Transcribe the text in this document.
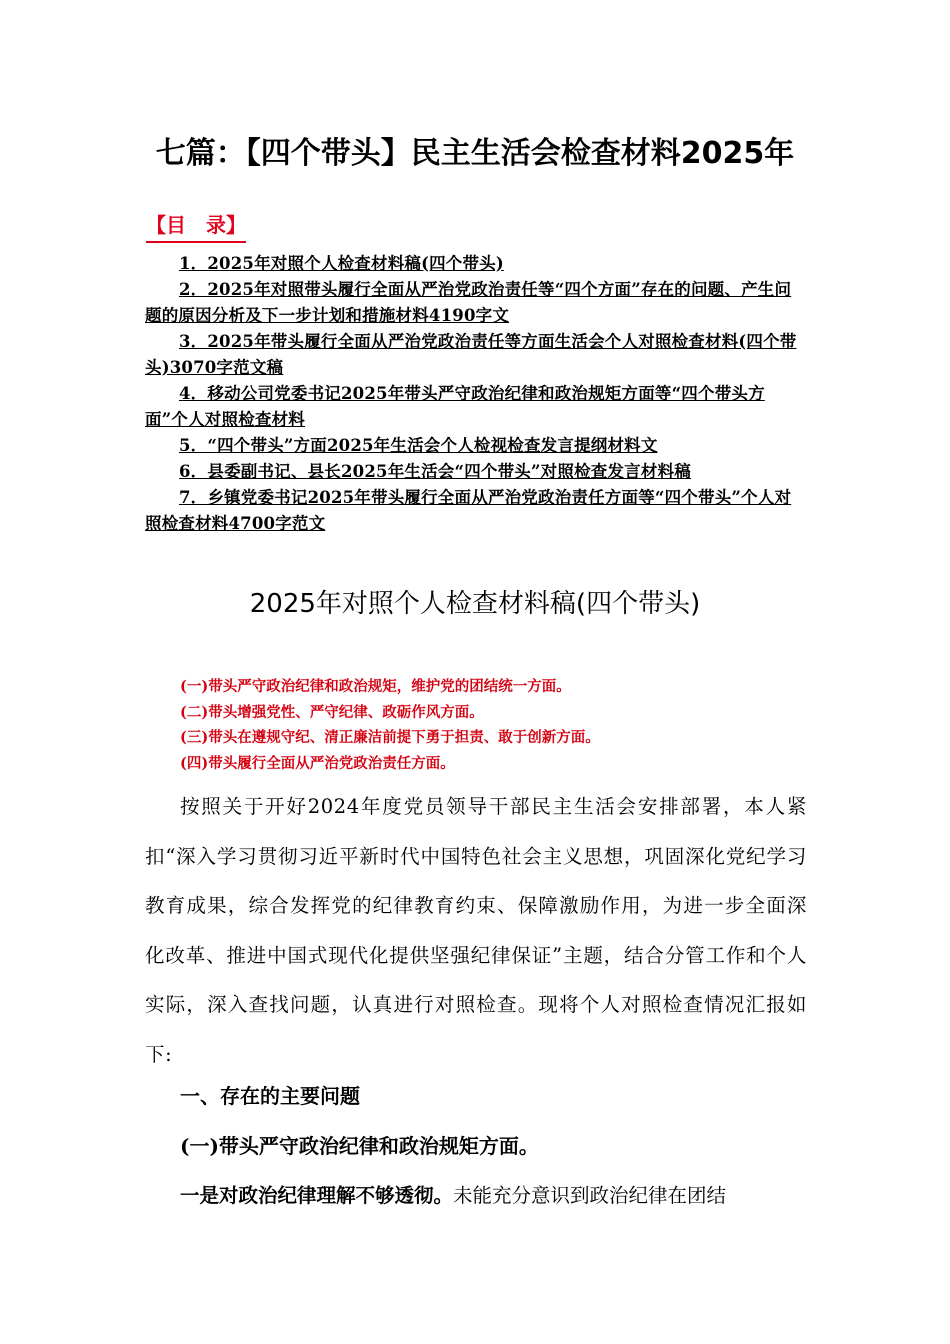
七篇：【四个带头】民主生活会检查材料2025年
【目　录】
1．2025年对照个人检查材料稿(四个带头)
2．2025年对照带头履行全面从严治党政治责任等“四个方面”存在的问题、产生问题的原因分析及下一步计划和措施材料4190字文
3．2025年带头履行全面从严治党政治责任等方面生活会个人对照检查材料(四个带头)3070字范文稿
4．移动公司党委书记2025年带头严守政治纪律和政治规矩方面等“四个带头方面”个人对照检查材料
5．“四个带头”方面2025年生活会个人检视检查发言提纲材料文
6．县委副书记、县长2025年生活会“四个带头”对照检查发言材料稿
7．乡镇党委书记2025年带头履行全面从严治党政治责任方面等“四个带头”个人对照检查材料4700字范文
2025年对照个人检查材料稿(四个带头)
(一)带头严守政治纪律和政治规矩，维护党的团结统一方面。
(二)带头增强党性、严守纪律、政砺作风方面。
(三)带头在遵规守纪、清正廉洁前提下勇于担责、敢于创新方面。
(四)带头履行全面从严治党政治责任方面。
按照关于开好2024年度党员领导干部民主生活会安排部署，本人紧扣“深入学习贯彻习近平新时代中国特色社会主义思想，巩固深化党纪学习教育成果，综合发挥党的纪律教育约束、保障激励作用，为进一步全面深化改革、推进中国式现代化提供坚强纪律保证”主题，结合分管工作和个人实际，深入查找问题，认真进行对照检查。现将个人对照检查情况汇报如下:
一、存在的主要问题
(一)带头严守政治纪律和政治规矩方面。
一是对政治纪律理解不够透彻。未能充分意识到政治纪律在团结
